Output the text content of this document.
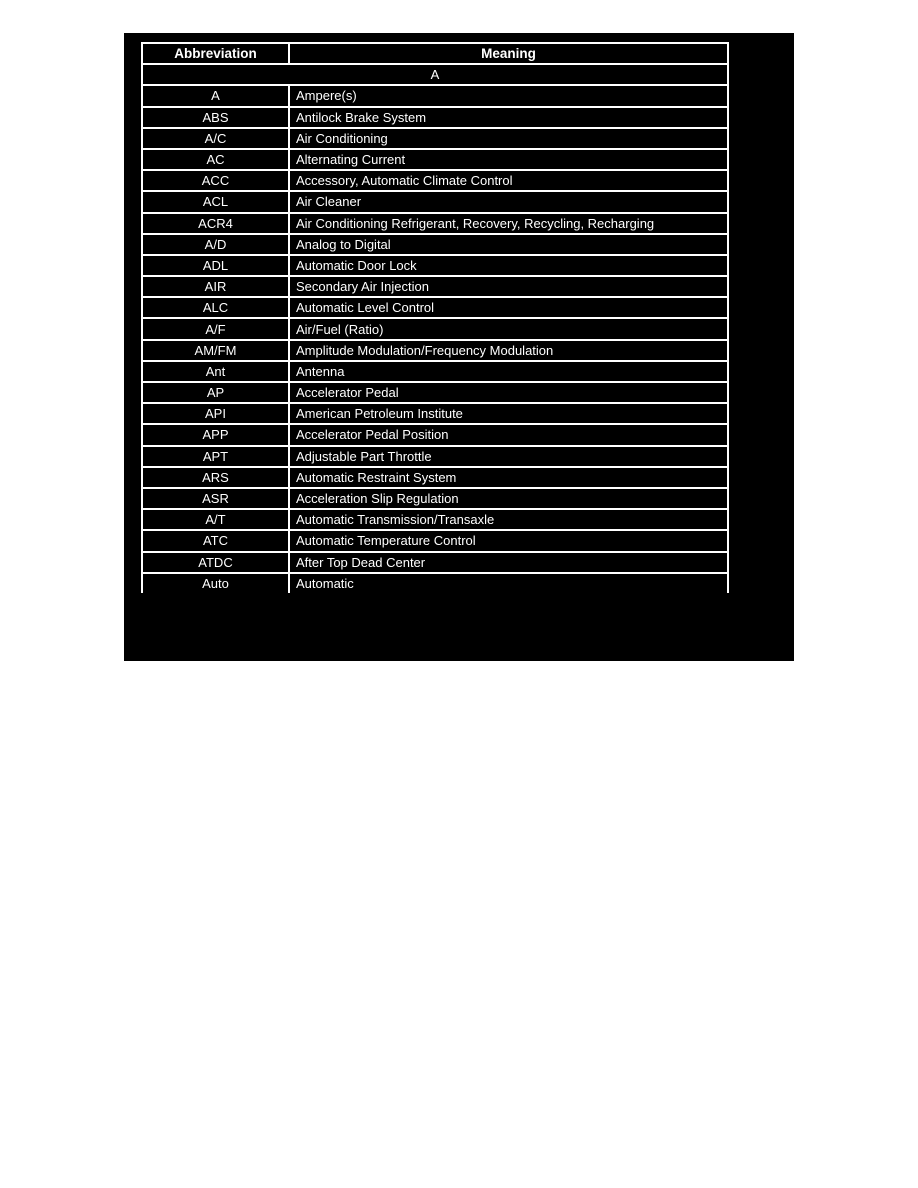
Abbreviation	Meaning
A	
A	Ampere(s)
ABS	Antilock Brake System
A/C	Air Conditioning
AC	Alternating Current
ACC	Accessory, Automatic Climate Control
ACL	Air Cleaner
ACR4	Air Conditioning Refrigerant, Recovery, Recycling, Recharging
A/D	Analog to Digital
ADL	Automatic Door Lock
AIR	Secondary Air Injection
ALC	Automatic Level Control
A/F	Air/Fuel (Ratio)
AM/FM	Amplitude Modulation/Frequency Modulation
Ant	Antenna
AP	Accelerator Pedal
API	American Petroleum Institute
APP	Accelerator Pedal Position
APT	Adjustable Part Throttle
ARS	Automatic Restraint System
ASR	Acceleration Slip Regulation
A/T	Automatic Transmission/Transaxle
ATC	Automatic Temperature Control
ATDC	After Top Dead Center
Auto	Automatic
